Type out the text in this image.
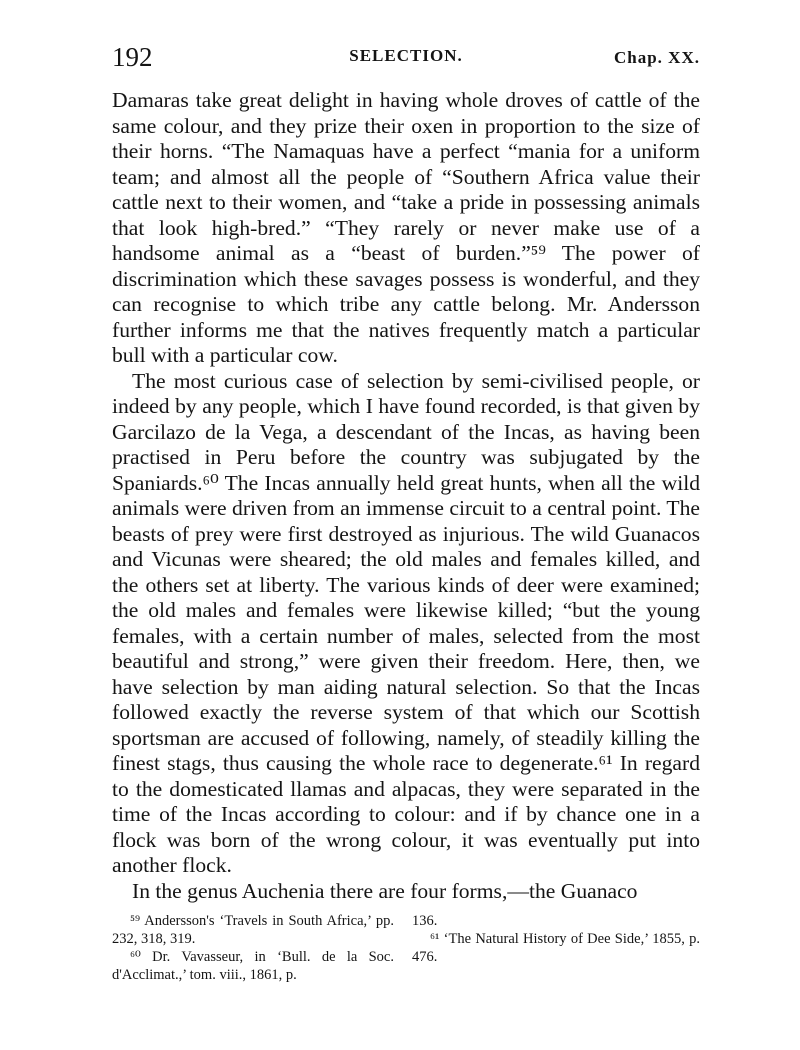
192	SELECTION.	Chap. XX.

Damaras take great delight in having whole droves of cattle of the same colour, and they prize their oxen in proportion to the size of their horns. “The Namaquas have a perfect “mania for a uniform team; and almost all the people of “Southern Africa value their cattle next to their women, and “take a pride in possessing animals that look high-bred.” “They rarely or never make use of a handsome animal as a “beast of burden.”⁵⁹ The power of discrimination which these savages possess is wonderful, and they can recognise to which tribe any cattle belong. Mr. Andersson further informs me that the natives frequently match a particular bull with a particular cow.

The most curious case of selection by semi-civilised people, or indeed by any people, which I have found recorded, is that given by Garcilazo de la Vega, a descendant of the Incas, as having been practised in Peru before the country was subjugated by the Spaniards.⁶⁰ The Incas annually held great hunts, when all the wild animals were driven from an immense circuit to a central point. The beasts of prey were first destroyed as injurious. The wild Guanacos and Vicunas were sheared; the old males and females killed, and the others set at liberty. The various kinds of deer were examined; the old males and females were likewise killed; “but the young females, with a certain number of males, selected from the most beautiful and strong,” were given their freedom. Here, then, we have selection by man aiding natural selection. So that the Incas followed exactly the reverse system of that which our Scottish sportsman are accused of following, namely, of steadily killing the finest stags, thus causing the whole race to degenerate.⁶¹ In regard to the domesticated llamas and alpacas, they were separated in the time of the Incas according to colour: and if by chance one in a flock was born of the wrong colour, it was eventually put into another flock.

In the genus Auchenia there are four forms,—the Guanaco

⁵⁹ Andersson's ‘Travels in South Africa,’ pp. 232, 318, 319.

⁶⁰ Dr. Vavasseur, in ‘Bull. de la Soc. d'Acclimat.,’ tom. viii., 1861, p.

136.

⁶¹ ‘The Natural History of Dee Side,’ 1855, p. 476.
